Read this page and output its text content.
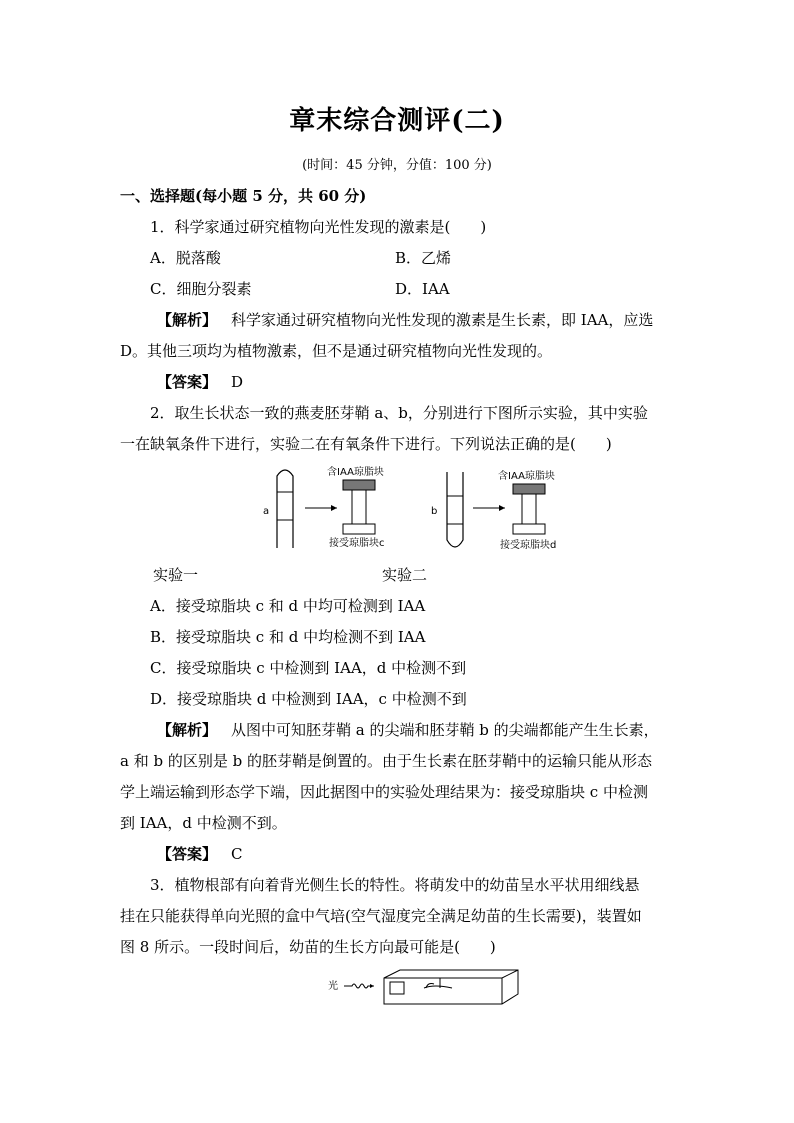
章末综合测评(二)
(时间：45 分钟，分值：100 分)
一、选择题(每小题 5 分，共 60 分)
1．科学家通过研究植物向光性发现的激素是(　　)
A．脱落酸	B．乙烯
C．细胞分裂素	D．IAA
【解析】 科学家通过研究植物向光性发现的激素是生长素，即 IAA，应选
D。其他三项均为植物激素，但不是通过研究植物向光性发现的。
【答案】 D
2．取生长状态一致的燕麦胚芽鞘 a、b，分别进行下图所示实验，其中实验
一在缺氧条件下进行，实验二在有氧条件下进行。下列说法正确的是(　　)
a
含IAA琼脂块
接受琼脂块c
b
含IAA琼脂块
接受琼脂块d
实验一	实验二
A．接受琼脂块 c 和 d 中均可检测到 IAA
B．接受琼脂块 c 和 d 中均检测不到 IAA
C．接受琼脂块 c 中检测到 IAA，d 中检测不到
D．接受琼脂块 d 中检测到 IAA，c 中检测不到
【解析】 从图中可知胚芽鞘 a 的尖端和胚芽鞘 b 的尖端都能产生生长素，
a 和 b 的区别是 b 的胚芽鞘是倒置的。由于生长素在胚芽鞘中的运输只能从形态
学上端运输到形态学下端，因此据图中的实验处理结果为：接受琼脂块 c 中检测
到 IAA，d 中检测不到。
【答案】 C
3．植物根部有向着背光侧生长的特性。将萌发中的幼苗呈水平状用细线悬
挂在只能获得单向光照的盒中气培(空气湿度完全满足幼苗的生长需要)，装置如
图 8 所示。一段时间后，幼苗的生长方向最可能是(　　)
光
